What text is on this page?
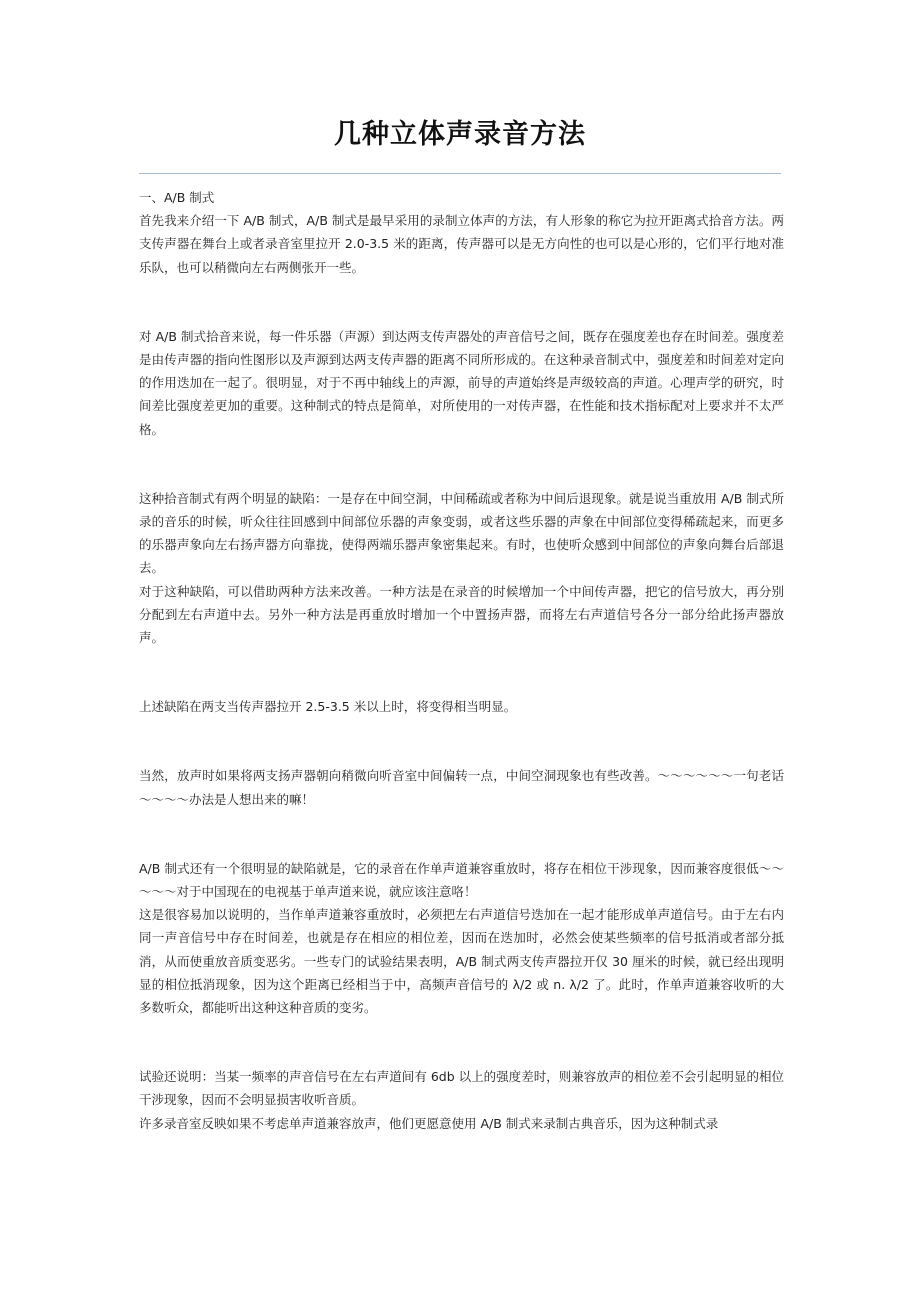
几种立体声录音方法

一、A/B 制式

首先我来介绍一下 A/B 制式，A/B 制式是最早采用的录制立体声的方法，有人形象的称它为拉开距离式拾音方法。两支传声器在舞台上或者录音室里拉开 2.0-3.5 米的距离，传声器可以是无方向性的也可以是心形的，它们平行地对准乐队，也可以稍微向左右两侧张开一些。

对 A/B 制式拾音来说，每一件乐器（声源）到达两支传声器处的声音信号之间，既存在强度差也存在时间差。强度差是由传声器的指向性图形以及声源到达两支传声器的距离不同所形成的。在这种录音制式中，强度差和时间差对定向的作用迭加在一起了。很明显，对于不再中轴线上的声源，前导的声道始终是声级较高的声道。心理声学的研究，时间差比强度差更加的重要。这种制式的特点是简单，对所使用的一对传声器，在性能和技术指标配对上要求并不太严格。

这种拾音制式有两个明显的缺陷：一是存在中间空洞，中间稀疏或者称为中间后退现象。就是说当重放用 A/B 制式所录的音乐的时候，听众往往回感到中间部位乐器的声象变弱，或者这些乐器的声象在中间部位变得稀疏起来，而更多的乐器声象向左右扬声器方向靠拢，使得两端乐器声象密集起来。有时，也使听众感到中间部位的声象向舞台后部退去。

对于这种缺陷，可以借助两种方法来改善。一种方法是在录音的时候增加一个中间传声器，把它的信号放大，再分别分配到左右声道中去。另外一种方法是再重放时增加一个中置扬声器，而将左右声道信号各分一部分给此扬声器放声。

上述缺陷在两支当传声器拉开 2.5-3.5 米以上时，将变得相当明显。

当然，放声时如果将两支扬声器朝向稍微向听音室中间偏转一点，中间空洞现象也有些改善。～～～～～～一句老话～～～～办法是人想出来的嘛！

A/B 制式还有一个很明显的缺陷就是，它的录音在作单声道兼容重放时，将存在相位干涉现象，因而兼容度很低～～～～～对于中国现在的电视基于单声道来说，就应该注意咯！

这是很容易加以说明的，当作单声道兼容重放时，必须把左右声道信号迭加在一起才能形成单声道信号。由于左右内同一声音信号中存在时间差，也就是存在相应的相位差，因而在迭加时，必然会使某些频率的信号抵消或者部分抵消，从而使重放音质变恶劣。一些专门的试验结果表明，A/B 制式两支传声器拉开仅 30 厘米的时候，就已经出现明显的相位抵消现象，因为这个距离已经相当于中，高频声音信号的 λ/2 或 n. λ/2 了。此时，作单声道兼容收听的大多数听众，都能听出这种这种音质的变劣。

试验还说明：当某一频率的声音信号在左右声道间有 6db 以上的强度差时，则兼容放声的相位差不会引起明显的相位干涉现象，因而不会明显损害收听音质。

许多录音室反映如果不考虑单声道兼容放声，他们更愿意使用 A/B 制式来录制古典音乐，因为这种制式录
